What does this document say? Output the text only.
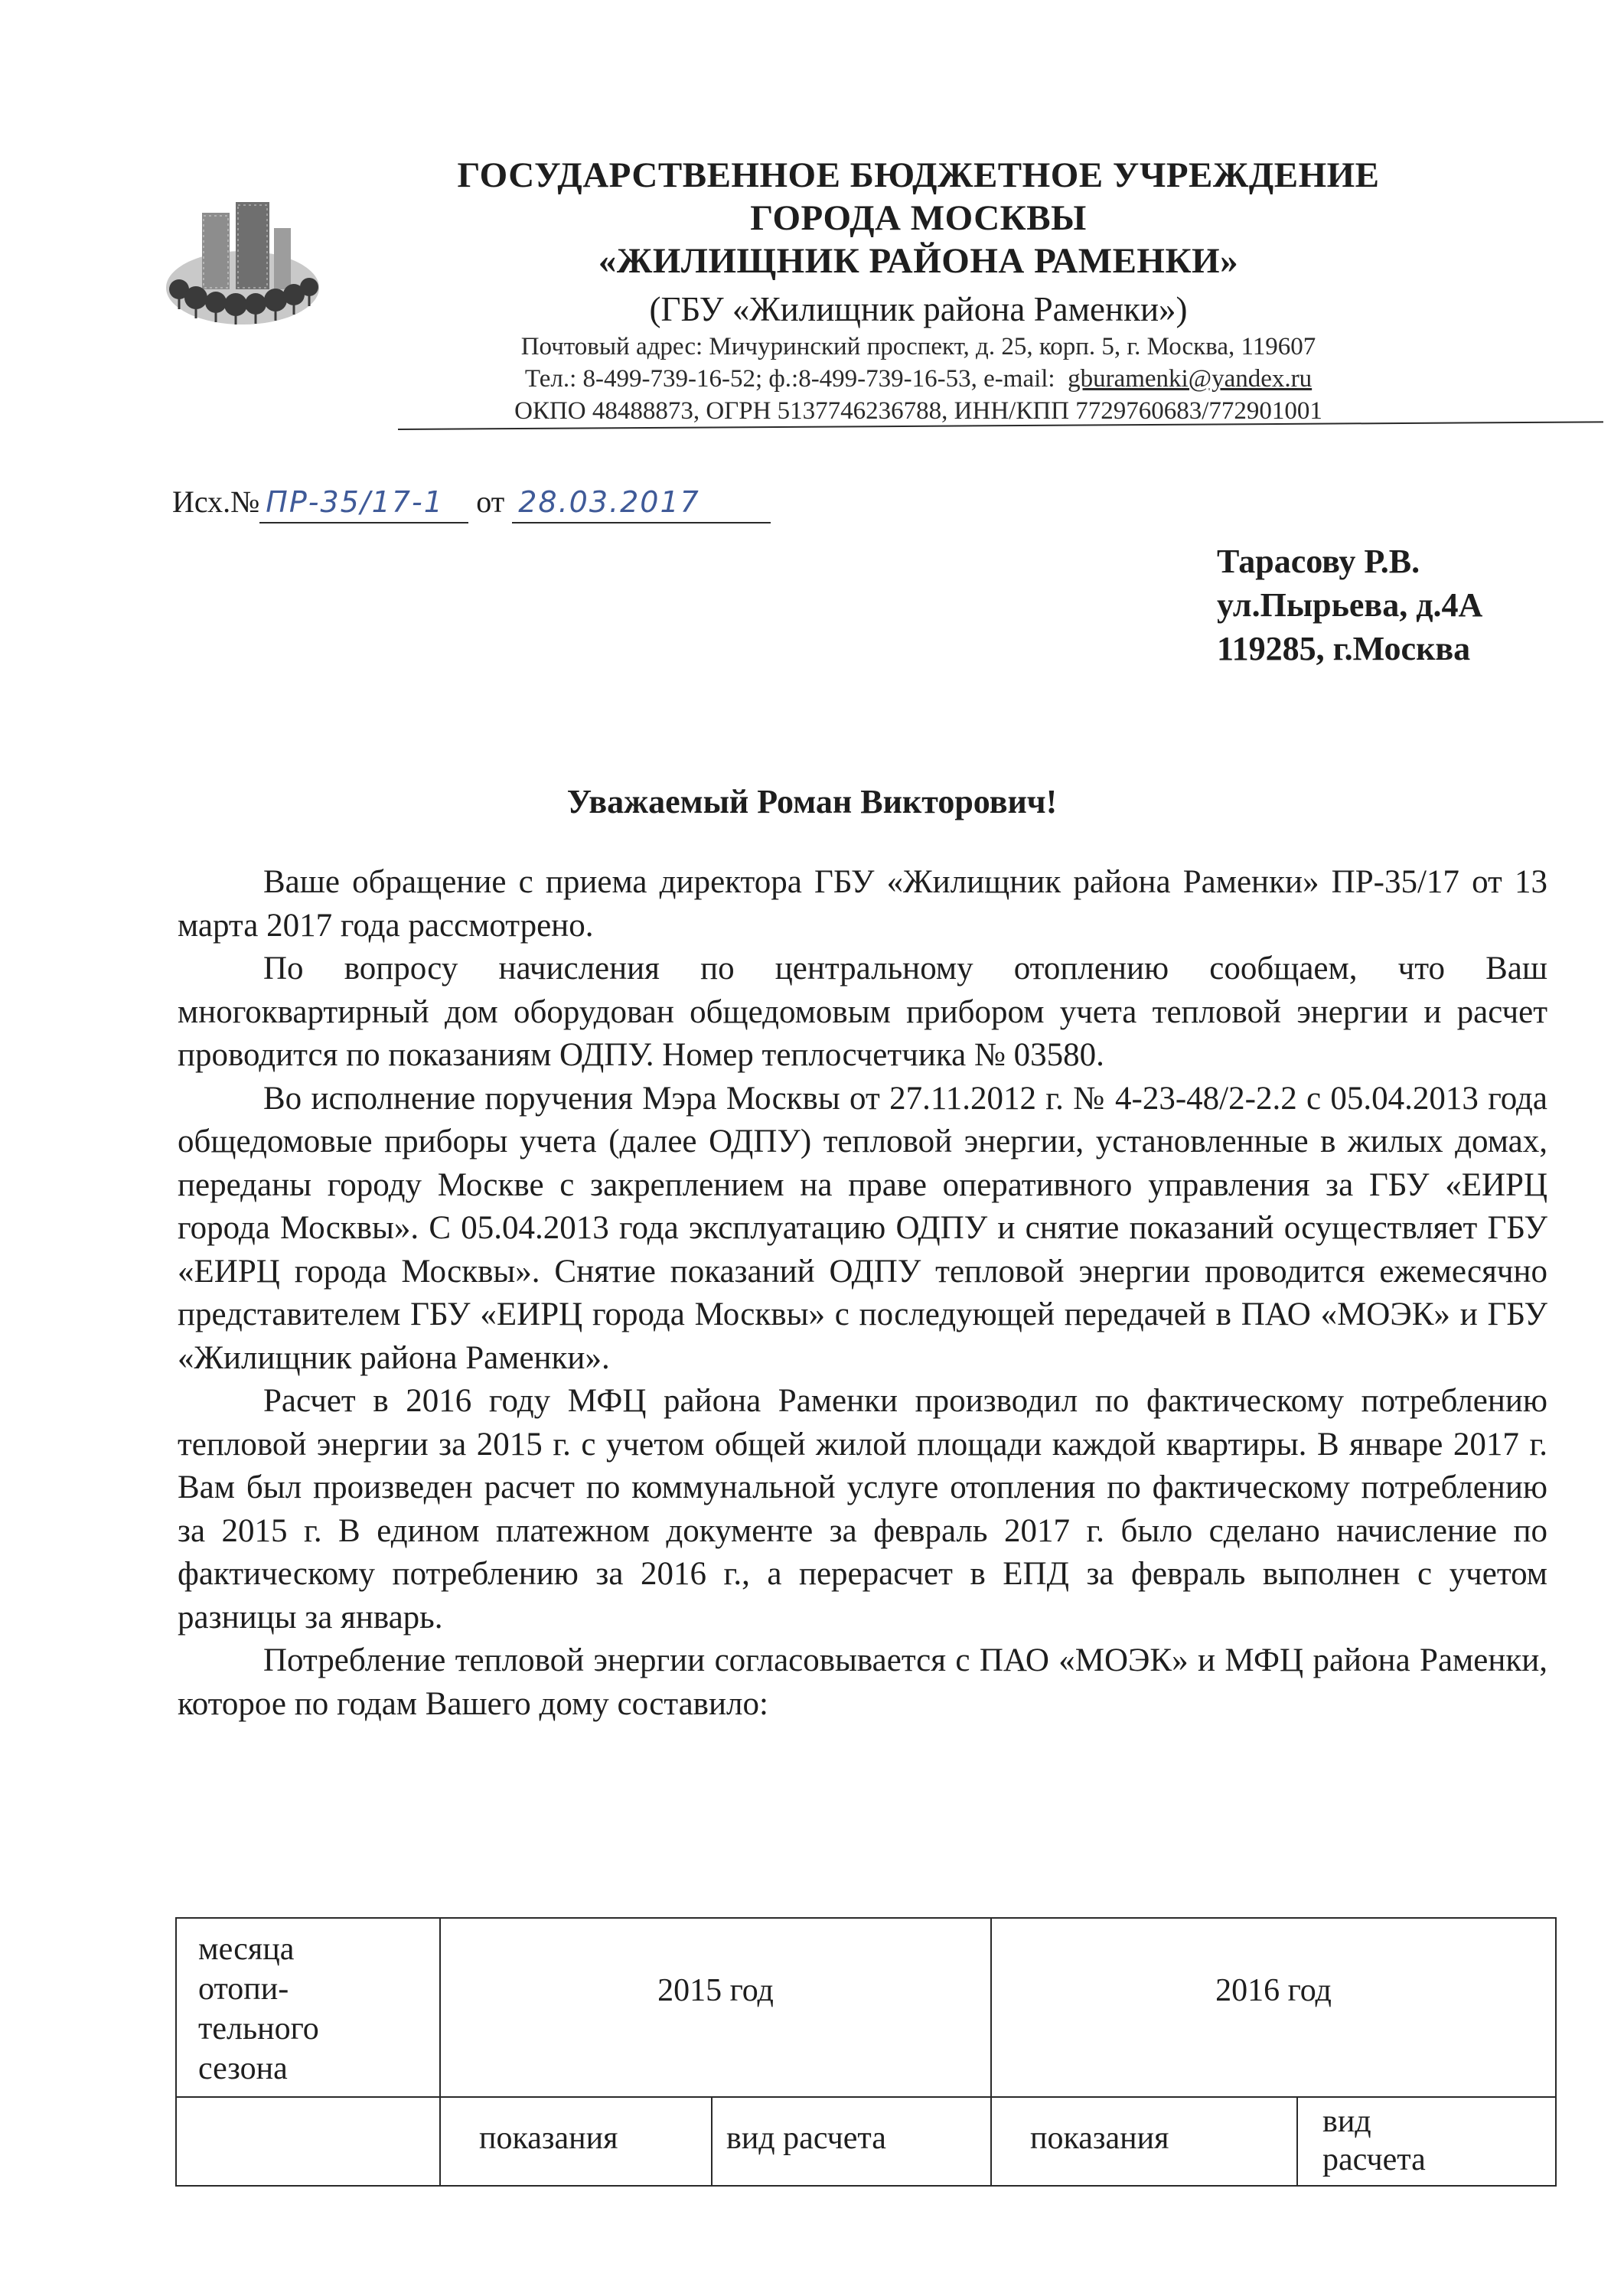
ГОСУДАРСТВЕННОЕ БЮДЖЕТНОЕ УЧРЕЖДЕНИЕ
ГОРОДА МОСКВЫ
«ЖИЛИЩНИК РАЙОНА РАМЕНКИ»
(ГБУ «Жилищник района Раменки»)
Почтовый адрес: Мичуринский проспект, д. 25, корп. 5, г. Москва, 119607
Тел.: 8-499-739-16-52; ф.:8-499-739-16-53, e-mail: gburamenki@yandex.ru
ОКПО 48488873, ОГРН 5137746236788, ИНН/КПП 7729760683/772901001
Исх.№ ПР-35/17-1 от 28.03.2017
Тарасову Р.В.
ул.Пырьева, д.4А
119285, г.Москва
Уважаемый Роман Викторович!

Ваше обращение с приема директора ГБУ «Жилищник района Раменки» ПР-35/17 от 13 марта 2017 года рассмотрено.

По вопросу начисления по центральному отоплению сообщаем, что Ваш многоквартирный дом оборудован общедомовым прибором учета тепловой энергии и расчет проводится по показаниям ОДПУ. Номер теплосчетчика № 03580.

Во исполнение поручения Мэра Москвы от 27.11.2012 г. № 4-23-48/2-2.2 с 05.04.2013 года общедомовые приборы учета (далее ОДПУ) тепловой энергии, установленные в жилых домах, переданы городу Москве с закреплением на праве оперативного управления за ГБУ «ЕИРЦ города Москвы». С 05.04.2013 года эксплуатацию ОДПУ и снятие показаний осуществляет ГБУ «ЕИРЦ города Москвы». Снятие показаний ОДПУ тепловой энергии проводится ежемесячно представителем ГБУ «ЕИРЦ города Москвы» с последующей передачей в ПАО «МОЭК» и ГБУ «Жилищник района Раменки».

Расчет в 2016 году МФЦ района Раменки производил по фактическому потреблению тепловой энергии за 2015 г. с учетом общей жилой площади каждой квартиры. В январе 2017 г. Вам был произведен расчет по коммунальной услуге отопления по фактическому потреблению за 2015 г. В едином платежном документе за февраль 2017 г. было сделано начисление по фактическому потреблению за 2016 г., а перерасчет в ЕПД за февраль выполнен с учетом разницы за январь.

Потребление тепловой энергии согласовывается с ПАО «МОЭК» и МФЦ района Раменки, которое по годам Вашего дому составило:

месяца
отопи-
тельного
сезона	2015 год		2016 год	
	показания	вид расчета	показания	вид
расчета
